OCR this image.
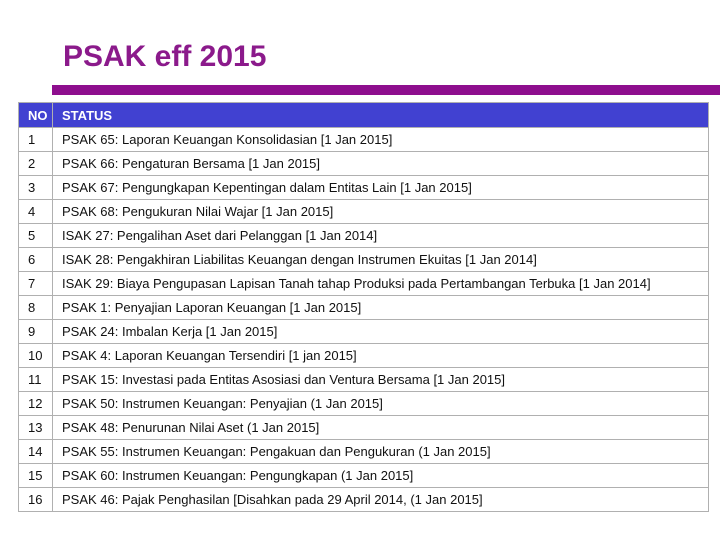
PSAK eff 2015
NO	STATUS
1	PSAK 65: Laporan Keuangan Konsolidasian [1 Jan 2015]
2	PSAK 66: Pengaturan Bersama [1 Jan 2015]
3	PSAK 67: Pengungkapan Kepentingan dalam Entitas Lain [1 Jan 2015]
4	PSAK 68: Pengukuran Nilai Wajar [1 Jan 2015]
5	ISAK 27: Pengalihan Aset dari Pelanggan [1 Jan 2014]
6	ISAK 28: Pengakhiran Liabilitas Keuangan dengan Instrumen Ekuitas [1 Jan 2014]
7	ISAK 29: Biaya Pengupasan Lapisan Tanah tahap Produksi pada Pertambangan Terbuka [1 Jan 2014]
8	PSAK 1: Penyajian Laporan Keuangan [1 Jan 2015]
9	PSAK 24: Imbalan Kerja [1 Jan 2015]
10	PSAK 4: Laporan Keuangan Tersendiri [1 jan 2015]
11	PSAK 15: Investasi pada Entitas Asosiasi dan Ventura Bersama [1 Jan 2015]
12	PSAK 50: Instrumen Keuangan: Penyajian (1 Jan 2015]
13	PSAK 48: Penurunan Nilai Aset (1 Jan 2015]
14	PSAK 55: Instrumen Keuangan: Pengakuan dan Pengukuran (1 Jan 2015]
15	PSAK 60: Instrumen Keuangan: Pengungkapan (1 Jan 2015]
16	PSAK 46: Pajak Penghasilan [Disahkan pada 29 April 2014, (1 Jan 2015]
